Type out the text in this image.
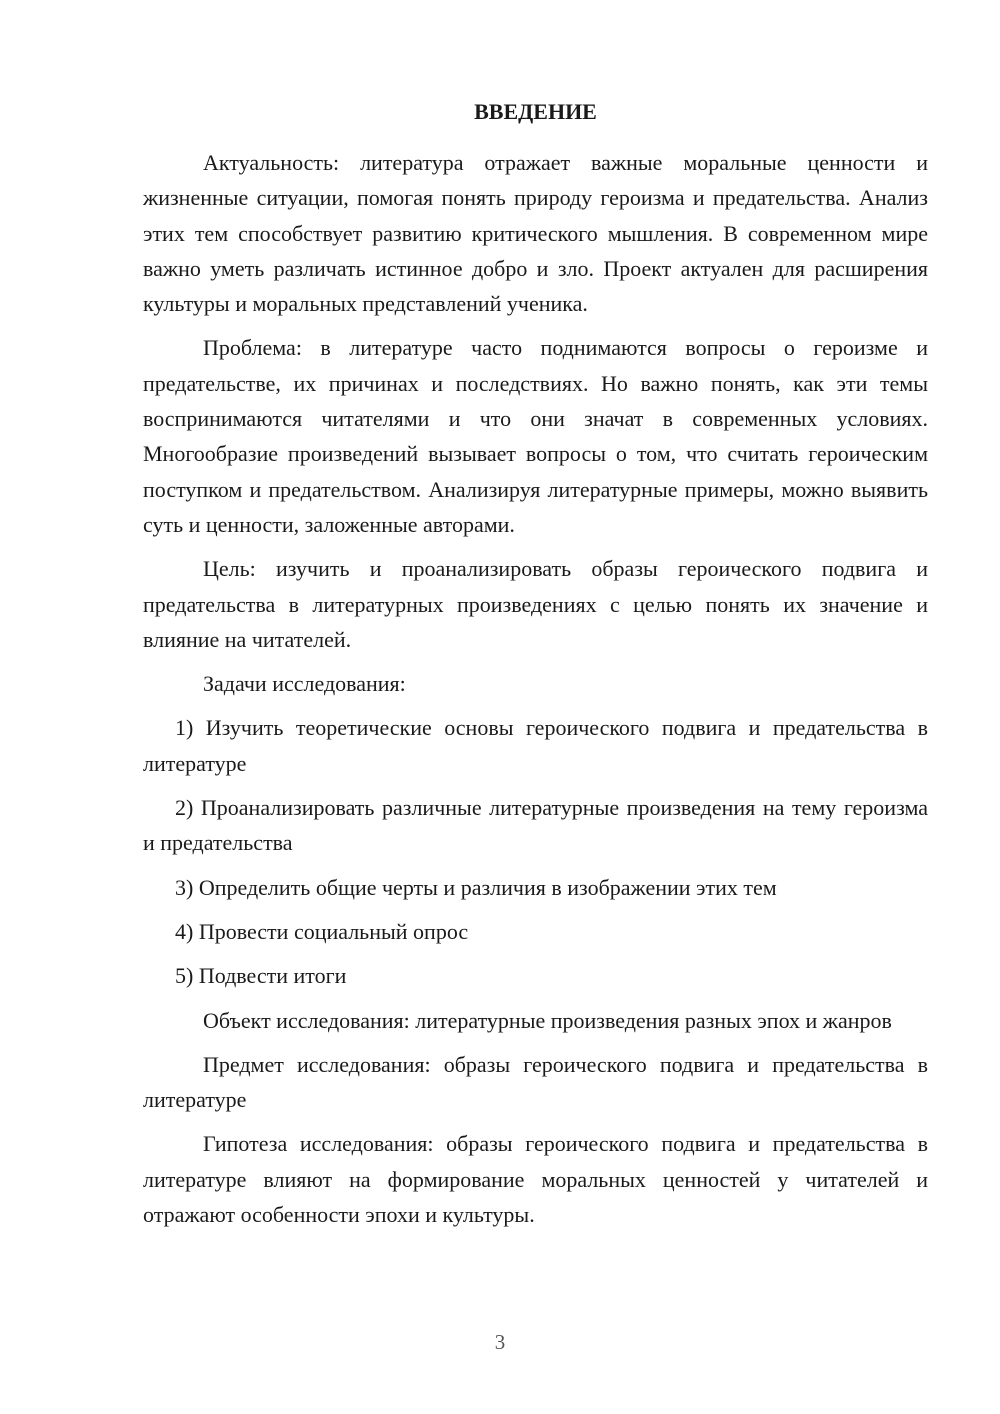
ВВЕДЕНИЕ

Актуальность: литература отражает важные моральные ценности и жизненные ситуации, помогая понять природу героизма и предательства. Анализ этих тем способствует развитию критического мышления. В современном мире важно уметь различать истинное добро и зло. Проект актуален для расширения культуры и моральных представлений ученика.

Проблема: в литературе часто поднимаются вопросы о героизме и предательстве, их причинах и последствиях. Но важно понять, как эти темы воспринимаются читателями и что они значат в современных условиях. Многообразие произведений вызывает вопросы о том, что считать героическим поступком и предательством. Анализируя литературные примеры, можно выявить суть и ценности, заложенные авторами.

Цель: изучить и проанализировать образы героического подвига и предательства в литературных произведениях с целью понять их значение и влияние на читателей.

Задачи исследования:

1) Изучить теоретические основы героического подвига и предательства в литературе

2) Проанализировать различные литературные произведения на тему героизма и предательства

3) Определить общие черты и различия в изображении этих тем

4) Провести социальный опрос

5) Подвести итоги

Объект исследования: литературные произведения разных эпох и жанров

Предмет исследования: образы героического подвига и предательства в литературе

Гипотеза исследования: образы героического подвига и предательства в литературе влияют на формирование моральных ценностей у читателей и отражают особенности эпохи и культуры.

3
